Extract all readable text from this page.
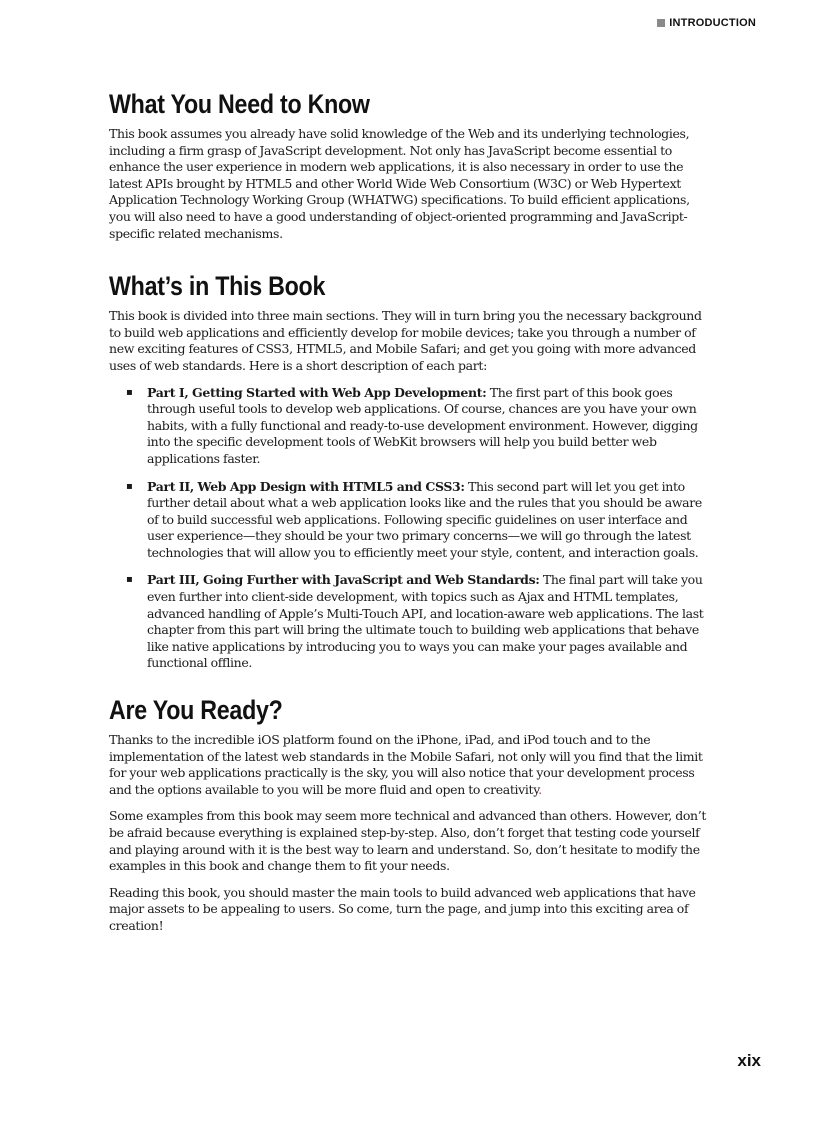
INTRODUCTION
What You Need to Know

This book assumes you already have solid knowledge of the Web and its underlying technologies, including a firm grasp of JavaScript development. Not only has JavaScript become essential to enhance the user experience in modern web applications, it is also necessary in order to use the latest APIs brought by HTML5 and other World Wide Web Consortium (W3C) or Web Hypertext Application Technology Working Group (WHATWG) specifications. To build efficient applications, you will also need to have a good understanding of object-oriented programming and JavaScript-specific related mechanisms.

What’s in This Book

This book is divided into three main sections. They will in turn bring you the necessary background to build web applications and efficiently develop for mobile devices; take you through a number of new exciting features of CSS3, HTML5, and Mobile Safari; and get you going with more advanced uses of web standards. Here is a short description of each part:

▪ Part I, Getting Started with Web App Development: The first part of this book goes through useful tools to develop web applications. Of course, chances are you have your own habits, with a fully functional and ready-to-use development environment. However, digging into the specific development tools of WebKit browsers will help you build better web applications faster.
▪ Part II, Web App Design with HTML5 and CSS3: This second part will let you get into further detail about what a web application looks like and the rules that you should be aware of to build successful web applications. Following specific guidelines on user interface and user experience—they should be your two primary concerns—we will go through the latest technologies that will allow you to efficiently meet your style, content, and interaction goals.
▪ Part III, Going Further with JavaScript and Web Standards: The final part will take you even further into client-side development, with topics such as Ajax and HTML templates, advanced handling of Apple’s Multi-Touch API, and location-aware web applications. The last chapter from this part will bring the ultimate touch to building web applications that behave like native applications by introducing you to ways you can make your pages available and functional offline.
Are You Ready?

Thanks to the incredible iOS platform found on the iPhone, iPad, and iPod touch and to the implementation of the latest web standards in the Mobile Safari, not only will you find that the limit for your web applications practically is the sky, you will also notice that your development process and the options available to you will be more fluid and open to creativity.

Some examples from this book may seem more technical and advanced than others. However, don’t be afraid because everything is explained step-by-step. Also, don’t forget that testing code yourself and playing around with it is the best way to learn and understand. So, don’t hesitate to modify the examples in this book and change them to fit your needs.

Reading this book, you should master the main tools to build advanced web applications that have major assets to be appealing to users. So come, turn the page, and jump into this exciting area of creation!

xix
